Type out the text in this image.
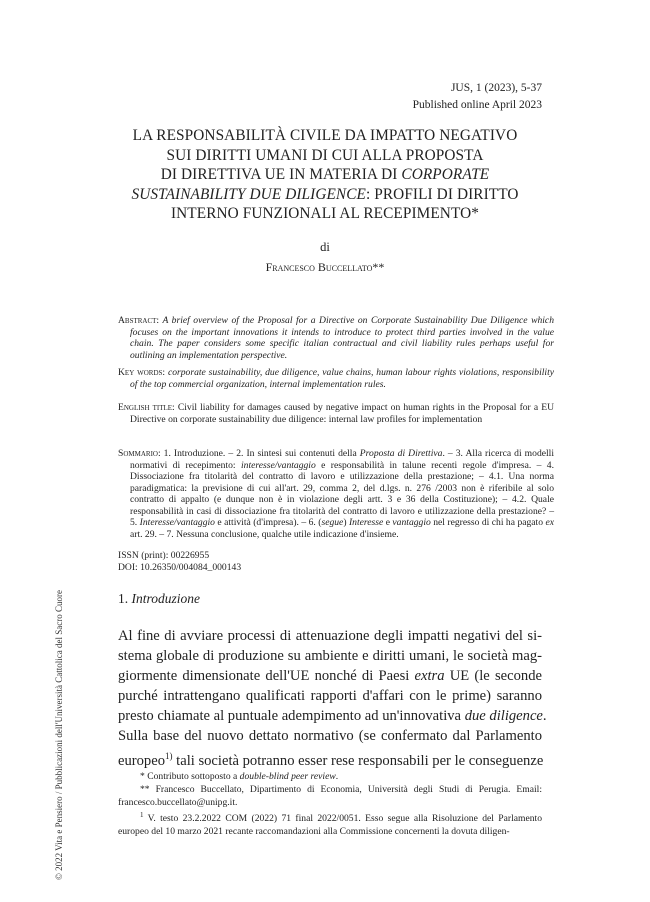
JUS, 1 (2023), 5-37
Published online April 2023
LA RESPONSABILITÀ CIVILE DA IMPATTO NEGATIVO
SUI DIRITTI UMANI DI CUI ALLA PROPOSTA
DI DIRETTIVA UE IN MATERIA DI CORPORATE
SUSTAINABILITY DUE DILIGENCE: PROFILI DI DIRITTO
INTERNO FUNZIONALI AL RECEPIMENTO*
di
Francesco Buccellato**
Abstract: A brief overview of the Proposal for a Directive on Corporate Sustainability Due Diligence which focuses on the important innovations it intends to introduce to protect third parties involved in the value chain. The paper considers some specific italian contractual and civil liability rules perhaps useful for outlining an implementation perspective.
Key words: corporate sustainability, due diligence, value chains, human labour rights violations, responsibility of the top commercial organization, internal implementation rules.
English title: Civil liability for damages caused by negative impact on human rights in the Proposal for a EU Directive on corporate sustainability due diligence: internal law profiles for implementation
Sommario: 1. Introduzione. – 2. In sintesi sui contenuti della Proposta di Direttiva. – 3. Alla ricerca di modelli normativi di recepimento: interesse/vantaggio e responsabilità in talune recenti regole d'impresa. – 4. Dissociazione fra titolarità del contratto di lavoro e utilizzazione della prestazione; – 4.1. Una norma paradigmatica: la previsione di cui all'art. 29, comma 2, del d.lgs. n. 276 /2003 non è riferibile al solo contratto di appalto (e dunque non è in violazione degli artt. 3 e 36 della Costituzione); – 4.2. Quale responsabilità in casi di dissociazione fra titolarità del contratto di lavoro e utilizzazione della prestazione? – 5. Interesse/vantaggio e attività (d'impresa). – 6. (segue) Interesse e vantaggio nel regresso di chi ha pagato ex art. 29. – 7. Nessuna conclusione, qualche utile indicazione d'insieme.
ISSN (print): 00226955
DOI: 10.26350/004084_000143
1. Introduzione
Al fine di avviare processi di attenuazione degli impatti negativi del si-
stema globale di produzione su ambiente e diritti umani, le società mag-
giormente dimensionate dell'UE nonché di Paesi extra UE (le seconde
purché intrattengano qualificati rapporti d'affari con le prime) saranno
presto chiamate al puntuale adempimento ad un'innovativa due diligence.
Sulla base del nuovo dettato normativo (se confermato dal Parlamento
europeo$^{1)}$ tali società potranno esser rese responsabili per le conseguenze
* Contributo sottoposto a double-blind peer review.
** Francesco Buccellato, Dipartimento di Economia, Università degli Studi di Perugia. Email: francesco.buccellato@unipg.it.
$^1$ V. testo 23.2.2022 COM (2022) 71 final 2022/0051. Esso segue alla Risoluzione del Parlamento europeo del 10 marzo 2021 recante raccomandazioni alla Commissione concernenti la dovuta diligen-
© 2022 Vita e Pensiero / Pubblicazioni dell'Università Cattolica del Sacro Cuore
